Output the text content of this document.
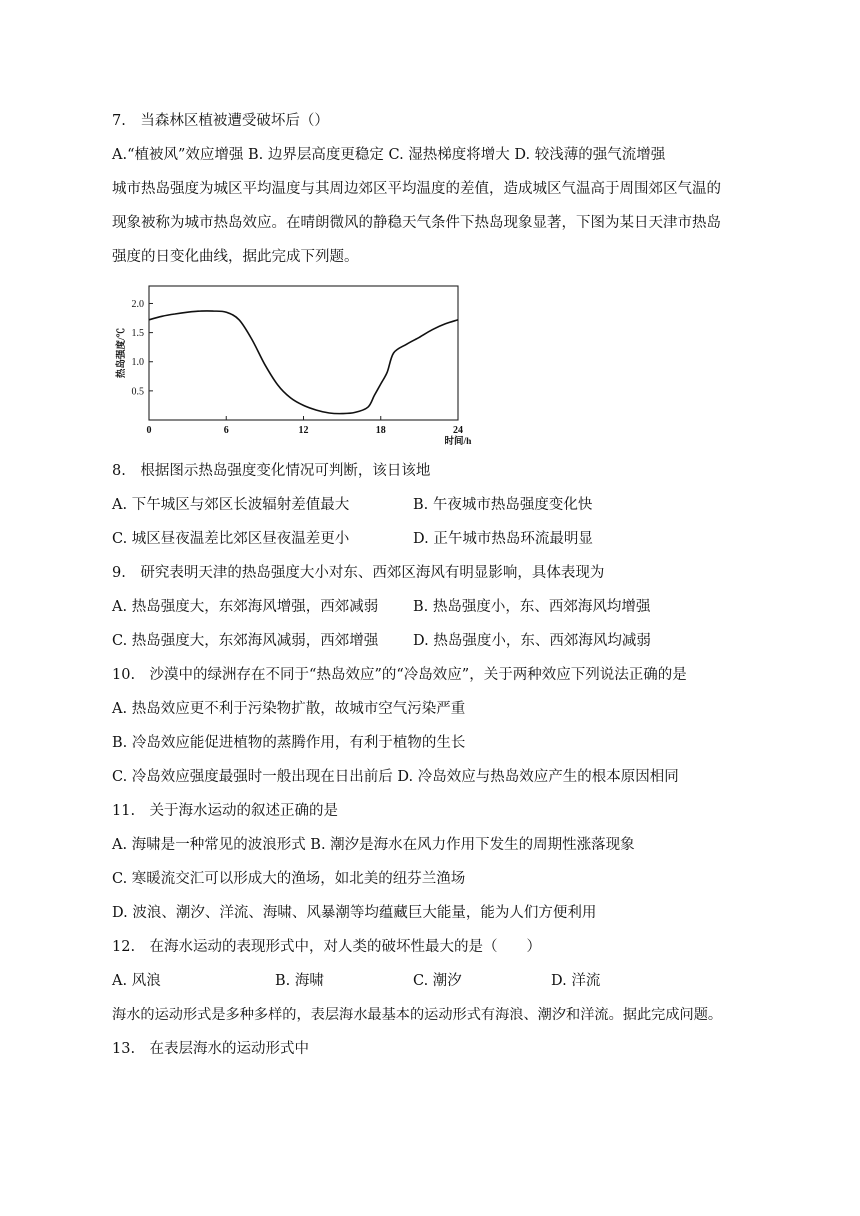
7.　当森林区植被遭受破坏后（）
A.“植被风”效应增强 B. 边界层高度更稳定 C. 湿热梯度将增大 D. 较浅薄的强气流增强
城市热岛强度为城区平均温度与其周边郊区平均温度的差值，造成城区气温高于周围郊区气温的
现象被称为城市热岛效应。在晴朗微风的静稳天气条件下热岛现象显著，下图为某日天津市热岛
强度的日变化曲线，据此完成下列题。
0.5
1.0
1.5
2.0
0	6	12	18	24
时间/h
热岛强度/℃
8.　根据图示热岛强度变化情况可判断，该日该地
A. 下午城区与郊区长波辐射差值最大	B. 午夜城市热岛强度变化快
C. 城区昼夜温差比郊区昼夜温差更小	D. 正午城市热岛环流最明显
9.　研究表明天津的热岛强度大小对东、西郊区海风有明显影响，具体表现为
A. 热岛强度大，东郊海风增强，西郊减弱 B. 热岛强度小，东、西郊海风均增强
C. 热岛强度大，东郊海风减弱，西郊增强 D. 热岛强度小，东、西郊海风均减弱
10.　沙漠中的绿洲存在不同于“热岛效应”的“冷岛效应”，关于两种效应下列说法正确的是
A. 热岛效应更不利于污染物扩散，故城市空气污染严重
B. 冷岛效应能促进植物的蒸腾作用，有利于植物的生长
C. 冷岛效应强度最强时一般出现在日出前后 D. 冷岛效应与热岛效应产生的根本原因相同
11.　关于海水运动的叙述正确的是
A. 海啸是一种常见的波浪形式 B. 潮汐是海水在风力作用下发生的周期性涨落现象
C. 寒暖流交汇可以形成大的渔场，如北美的纽芬兰渔场
D. 波浪、潮汐、洋流、海啸、风暴潮等均蕴藏巨大能量，能为人们方便利用
12.　在海水运动的表现形式中，对人类的破坏性最大的是（　　）
A. 风浪	B. 海啸	C. 潮汐	D. 洋流
海水的运动形式是多种多样的，表层海水最基本的运动形式有海浪、潮汐和洋流。据此完成问题。
13.　在表层海水的运动形式中
